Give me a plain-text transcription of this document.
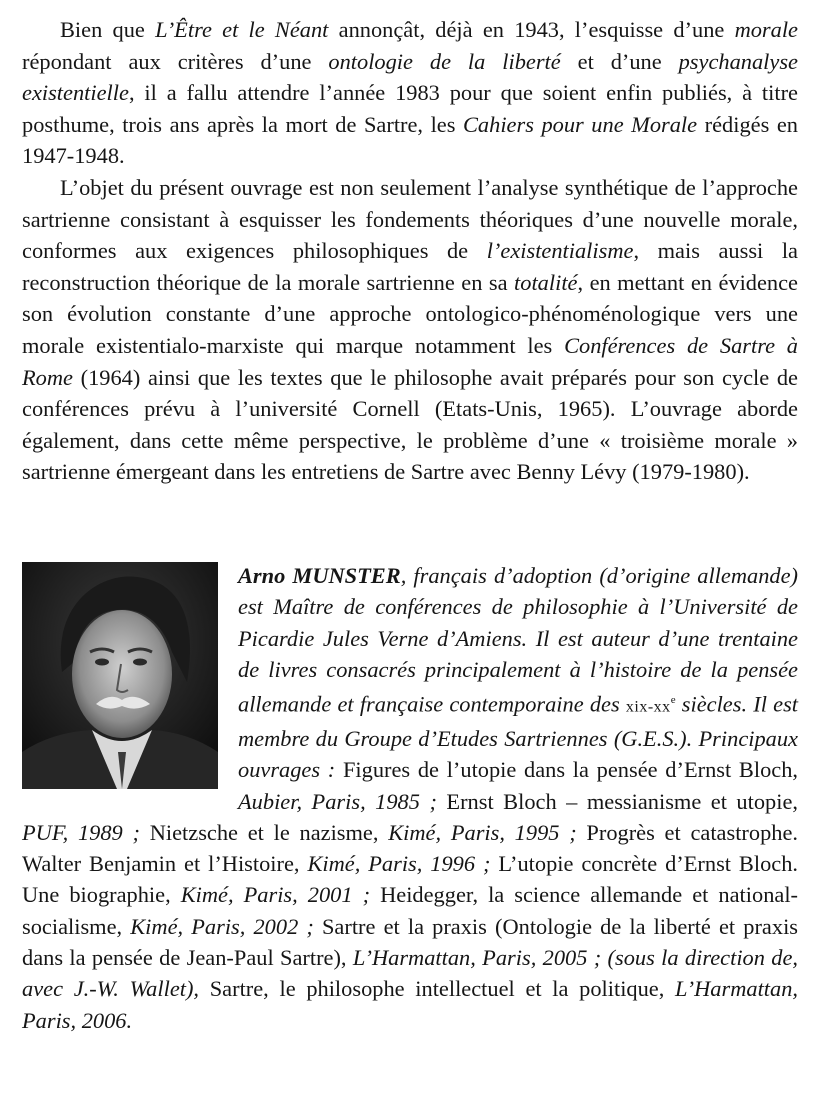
Bien que L’Être et le Néant annonçât, déjà en 1943, l’esquisse d’une morale répondant aux critères d’une ontologie de la liberté et d’une psychanalyse existentielle, il a fallu attendre l’année 1983 pour que soient enfin publiés, à titre posthume, trois ans après la mort de Sartre, les Cahiers pour une Morale rédigés en 1947-1948.

L’objet du présent ouvrage est non seulement l’analyse synthétique de l’approche sartrienne consistant à esquisser les fondements théoriques d’une nouvelle morale, conformes aux exigences philosophiques de l’existentialisme, mais aussi la reconstruction théorique de la morale sartrienne en sa totalité, en mettant en évidence son évolution constante d’une approche ontologico-phénoménologique vers une morale existentialo-marxiste qui marque notamment les Conférences de Sartre à Rome (1964) ainsi que les textes que le philosophe avait préparés pour son cycle de conférences prévu à l’université Cornell (Etats-Unis, 1965). L’ouvrage aborde également, dans cette même perspective, le problème d’une « troisième morale » sartrienne émergeant dans les entretiens de Sartre avec Benny Lévy (1979-1980).

Arno MUNSTER, français d’adoption (d’origine allemande) est Maître de conférences de philosophie à l’Université de Picardie Jules Verne d’Amiens. Il est auteur d’une trentaine de livres consacrés principalement à l’histoire de la pensée allemande et française contemporaine des xix-$xx^e$ siècles. Il est membre du Groupe d’Etudes Sartriennes (G.E.S.). Principaux ouvrages : Figures de l’utopie dans la pensée d’Ernst Bloch, Aubier, Paris, 1985 ; Ernst Bloch – messianisme et utopie, PUF, 1989 ; Nietzsche et le nazisme, Kimé, Paris, 1995 ; Progrès et catastrophe. Walter Benjamin et l’Histoire, Kimé, Paris, 1996 ; L’utopie concrète d’Ernst Bloch. Une biographie, Kimé, Paris, 2001 ; Heidegger, la science allemande et national-socialisme, Kimé, Paris, 2002 ; Sartre et la praxis (Ontologie de la liberté et praxis dans la pensée de Jean-Paul Sartre), L’Harmattan, Paris, 2005 ; (sous la direction de, avec J.-W. Wallet), Sartre, le philosophe intellectuel et la politique, L’Harmattan, Paris, 2006.
